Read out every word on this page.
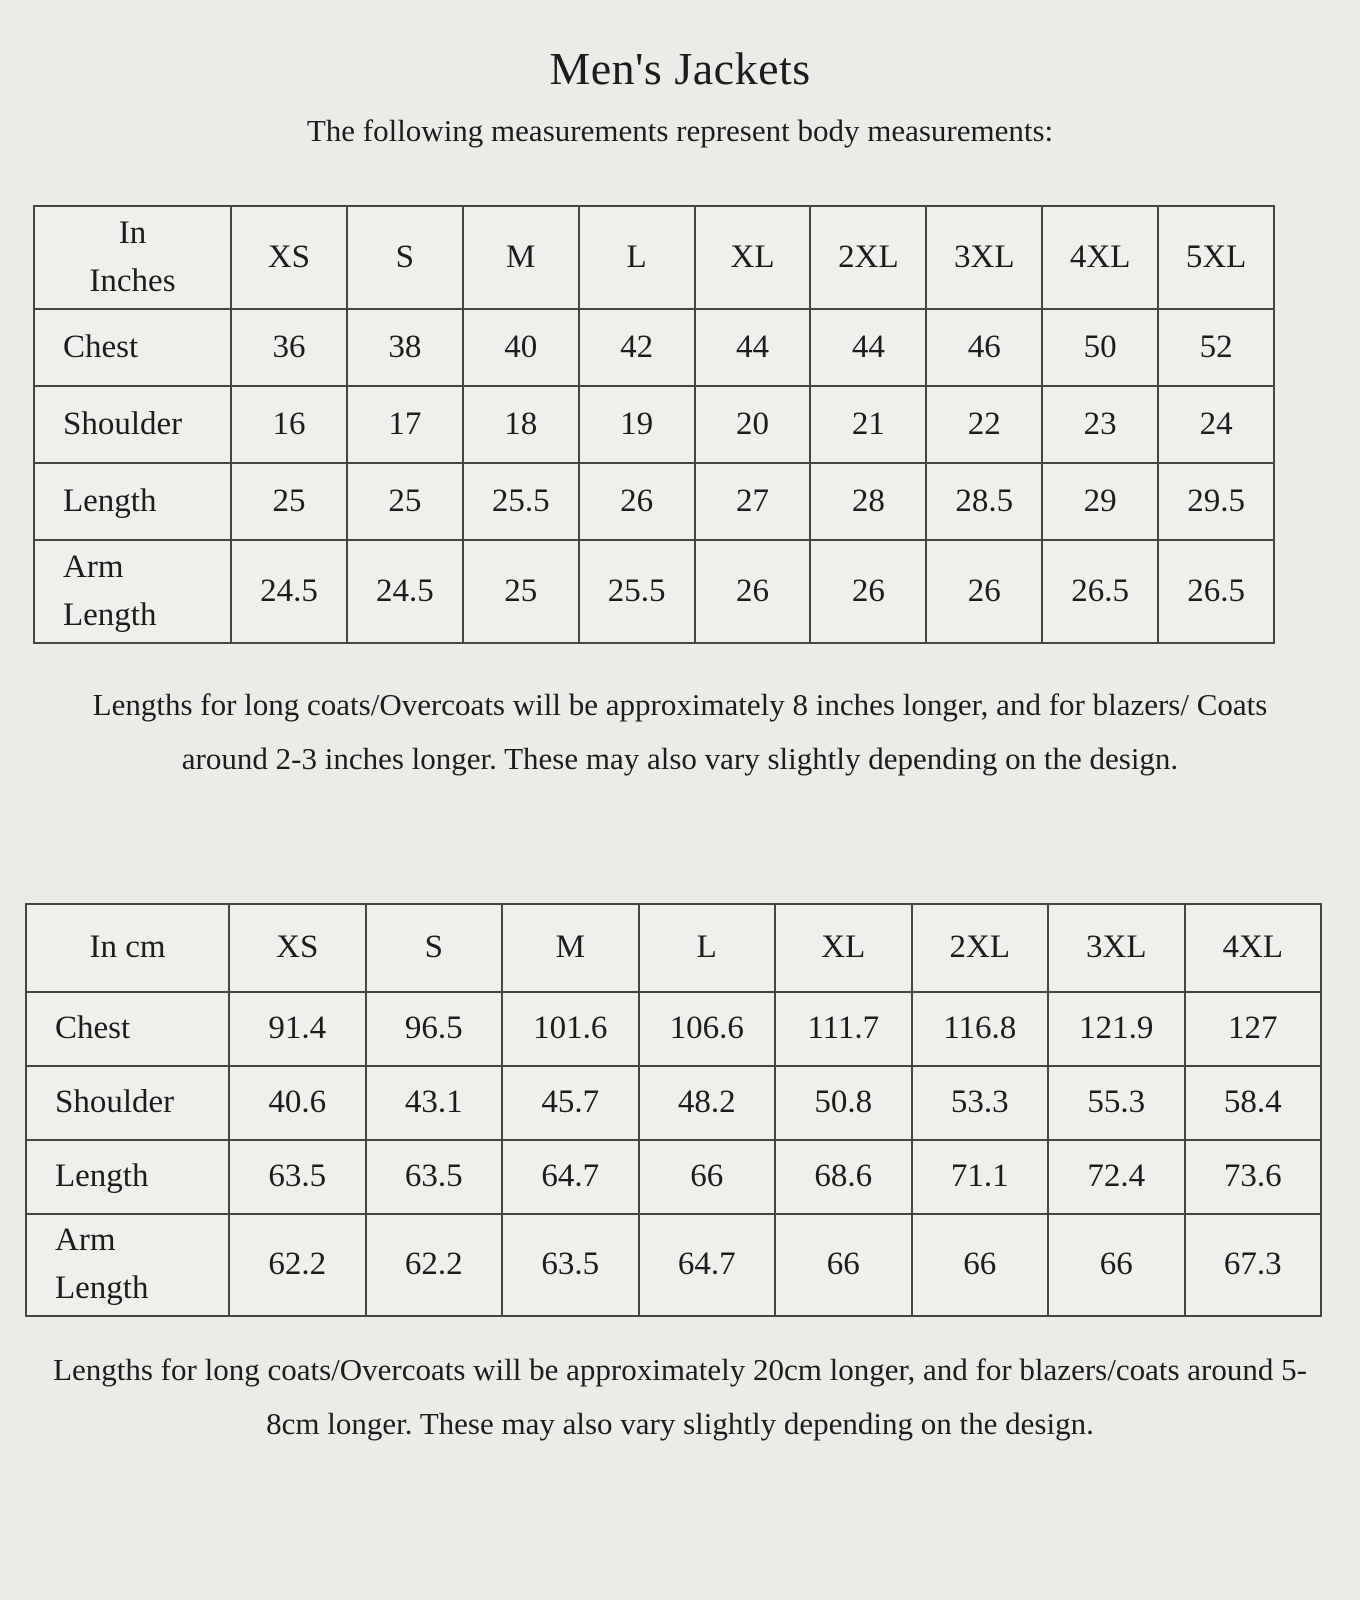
Men's Jackets

The following measurements represent body measurements:

In Inches	XS	S	M	L	XL	2XL	3XL	4XL	5XL
Chest	36	38	40	42	44	44	46	50	52
Shoulder	16	17	18	19	20	21	22	23	24
Length	25	25	25.5	26	27	28	28.5	29	29.5
Arm Length	24.5	24.5	25	25.5	26	26	26	26.5	26.5

Lengths for long coats/Overcoats will be approximately 8 inches longer, and for blazers/ Coats around 2-3 inches longer. These may also vary slightly depending on the design.

In cm	XS	S	M	L	XL	2XL	3XL	4XL
Chest	91.4	96.5	101.6	106.6	111.7	116.8	121.9	127
Shoulder	40.6	43.1	45.7	48.2	50.8	53.3	55.3	58.4
Length	63.5	63.5	64.7	66	68.6	71.1	72.4	73.6
Arm Length	62.2	62.2	63.5	64.7	66	66	66	67.3

Lengths for long coats/Overcoats will be approximately 20cm longer, and for blazers/coats around 5-8cm longer. These may also vary slightly depending on the design.
